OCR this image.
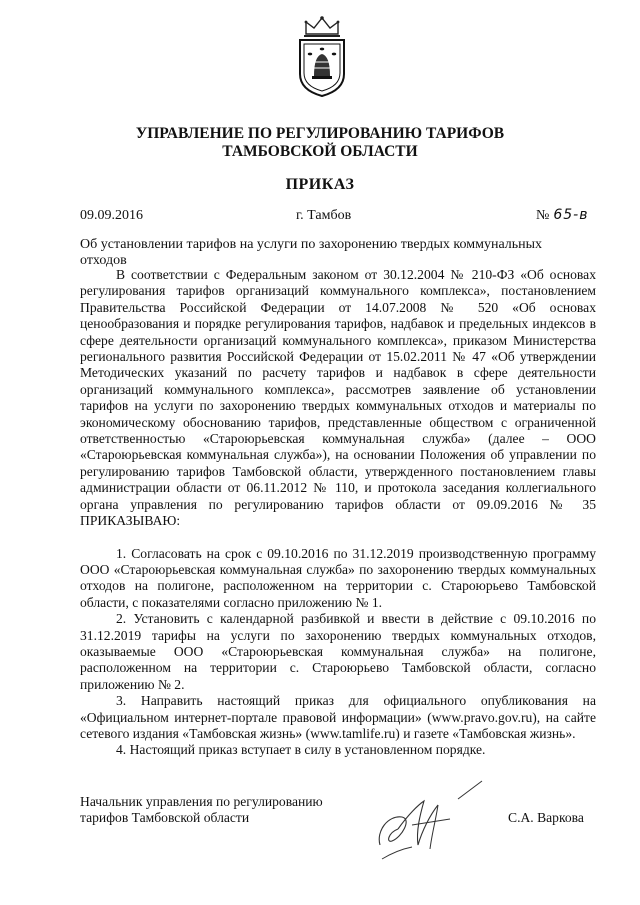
УПРАВЛЕНИЕ ПО РЕГУЛИРОВАНИЮ ТАРИФОВ
ТАМБОВСКОЙ ОБЛАСТИ
ПРИКАЗ
09.09.2016	г. Тамбов	№ 65-в
Об установлении тарифов на услуги по захоронению твердых коммунальных отходов

В соответствии с Федеральным законом от 30.12.2004 № 210-ФЗ «Об основах регулирования тарифов организаций коммунального комплекса», постановлением Правительства Российской Федерации от 14.07.2008 № 520 «Об основах ценообразования и порядке регулирования тарифов, надбавок и предельных индексов в сфере деятельности организаций коммунального комплекса», приказом Министерства регионального развития Российской Федерации от 15.02.2011 № 47 «Об утверждении Методических указаний по расчету тарифов и надбавок в сфере деятельности организаций коммунального комплекса», рассмотрев заявление об установлении тарифов на услуги по захоронению твердых коммунальных отходов и материалы по экономическому обоснованию тарифов, представленные обществом с ограниченной ответственностью «Староюрьевская коммунальная служба» (далее – ООО «Староюрьевская коммунальная служба»), на основании Положения об управлении по регулированию тарифов Тамбовской области, утвержденного постановлением главы администрации области от 06.11.2012 № 110, и протокола заседания коллегиального органа управления по регулированию тарифов области от 09.09.2016 № 35 ПРИКАЗЫВАЮ:

1. Согласовать на срок с 09.10.2016 по 31.12.2019 производственную программу ООО «Староюрьевская коммунальная служба» по захоронению твердых коммунальных отходов на полигоне, расположенном на территории с. Староюрьево Тамбовской области, с показателями согласно приложению № 1.

2. Установить с календарной разбивкой и ввести в действие с 09.10.2016 по 31.12.2019 тарифы на услуги по захоронению твердых коммунальных отходов, оказываемые ООО «Староюрьевская коммунальная служба» на полигоне, расположенном на территории с. Староюрьево Тамбовской области, согласно приложению № 2.

3. Направить настоящий приказ для официального опубликования на «Официальном интернет-портале правовой информации» (www.pravo.gov.ru), на сайте сетевого издания «Тамбовская жизнь» (www.tamlife.ru) и газете «Тамбовская жизнь».

4. Настоящий приказ вступает в силу в установленном порядке.

Начальник управления по регулированию
тарифов Тамбовской области	С.А. Варкова
